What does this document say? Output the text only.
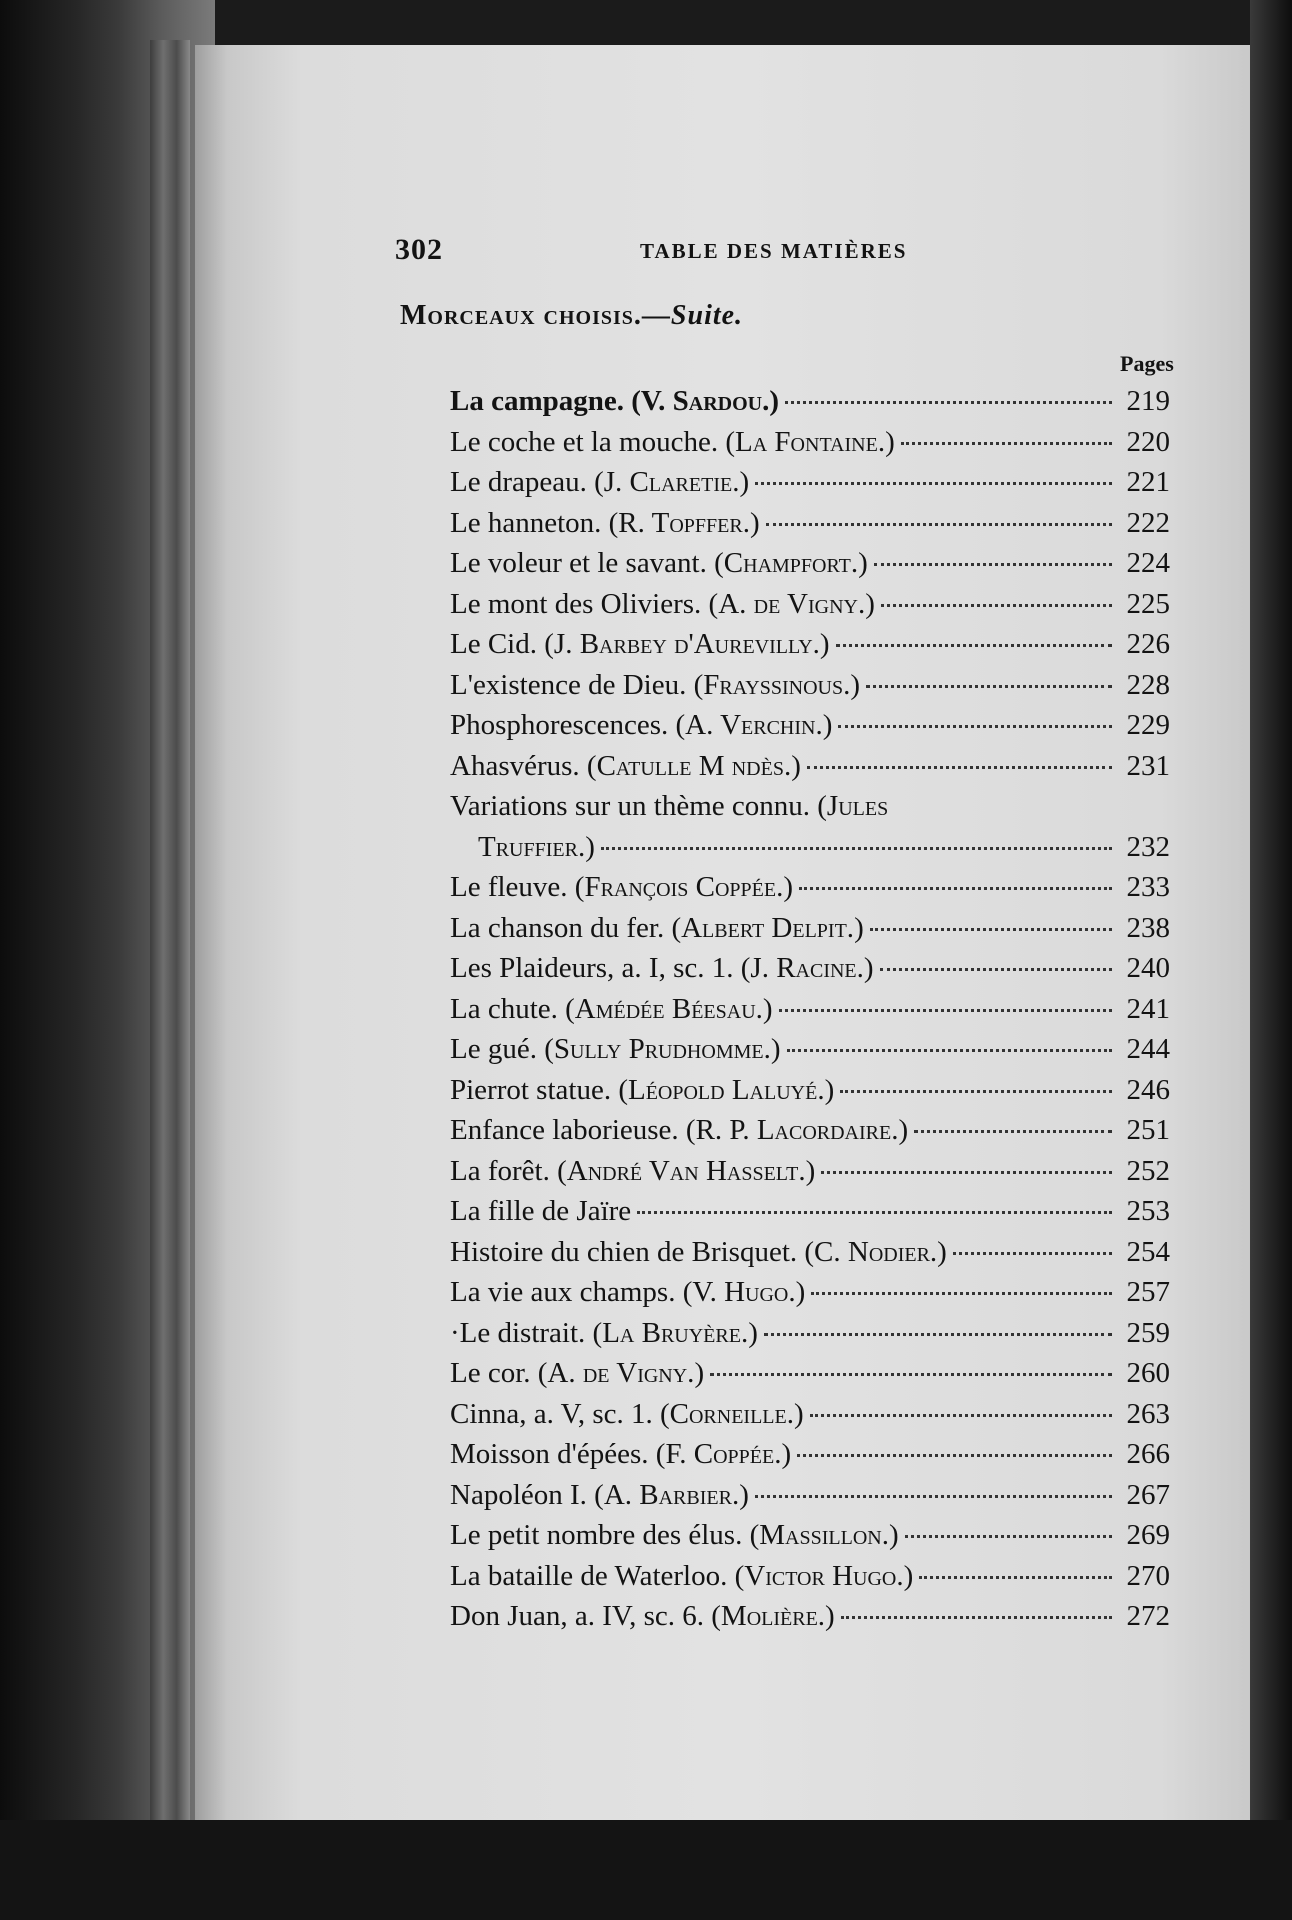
302	TABLE DES MATIÈRES
Morceaux choisis.—Suite.
Pages
La campagne. (V. Sardou.)	219
Le coche et la mouche. (La Fontaine.)	220
Le drapeau. (J. Claretie.)	221
Le hanneton. (R. Topffer.)	222
Le voleur et le savant. (Champfort.)	224
Le mont des Oliviers. (A. de Vigny.)	225
Le Cid. (J. Barbey d'Aurevilly.)	226
L'existence de Dieu. (Frayssinous.)	228
Phosphorescences. (A. Verchin.)	229
Ahasvérus. (Catulle M ndès.)	231
Variations sur un thème connu. (Jules
Truffier.)	232
Le fleuve. (François Coppée.)	233
La chanson du fer. (Albert Delpit.)	238
Les Plaideurs, a. I, sc. 1. (J. Racine.)	240
La chute. (Amédée Béesau.)	241
Le gué. (Sully Prudhomme.)	244
Pierrot statue. (Léopold Laluyé.)	246
Enfance laborieuse. (R. P. Lacordaire.)	251
La forêt. (André Van Hasselt.)	252
La fille de Jaïre	253
Histoire du chien de Brisquet. (C. Nodier.)	254
La vie aux champs. (V. Hugo.)	257
·Le distrait. (La Bruyère.)	259
Le cor. (A. de Vigny.)	260
Cinna, a. V, sc. 1. (Corneille.)	263
Moisson d'épées. (F. Coppée.)	266
Napoléon I. (A. Barbier.)	267
Le petit nombre des élus. (Massillon.)	269
La bataille de Waterloo. (Victor Hugo.)	270
Don Juan, a. IV, sc. 6. (Molière.)	272
